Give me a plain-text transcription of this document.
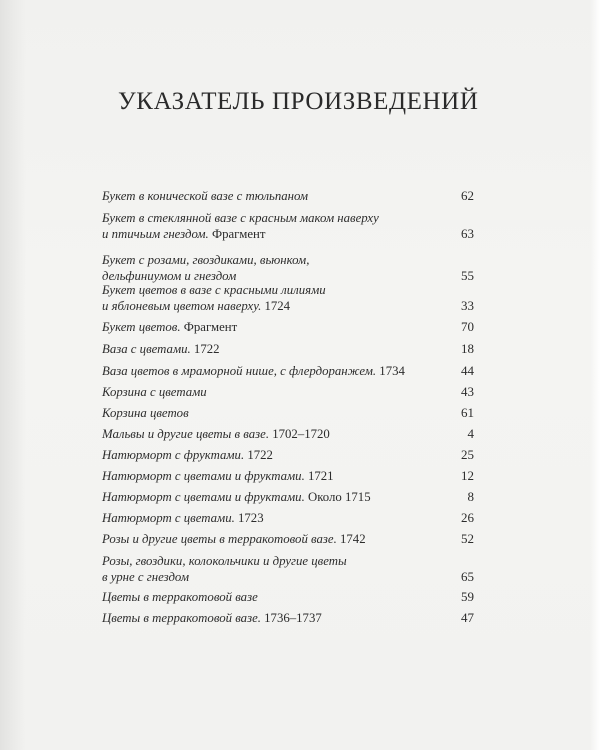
УКАЗАТЕЛЬ ПРОИЗВЕДЕНИЙ
Букет в конической вазе с тюльпаном	62
Букет в стеклянной вазе с красным маком наверху
и птичьим гнездом. Фрагмент	63
Букет с розами, гвоздиками, вьюнком,
дельфиниумом и гнездом	55
Букет цветов в вазе с красными лилиями
и яблоневым цветом наверху. 1724	33
Букет цветов. Фрагмент	70
Ваза с цветами. 1722	18
Ваза цветов в мраморной нише, с флердоранжем. 1734	44
Корзина с цветами	43
Корзина цветов	61
Мальвы и другие цветы в вазе. 1702–1720	4
Натюрморт с фруктами. 1722	25
Натюрморт с цветами и фруктами. 1721	12
Натюрморт с цветами и фруктами. Около 1715	8
Натюрморт с цветами. 1723	26
Розы и другие цветы в терракотовой вазе. 1742	52
Розы, гвоздики, колокольчики и другие цветы
в урне с гнездом	65
Цветы в терракотовой вазе	59
Цветы в терракотовой вазе. 1736–1737	47
